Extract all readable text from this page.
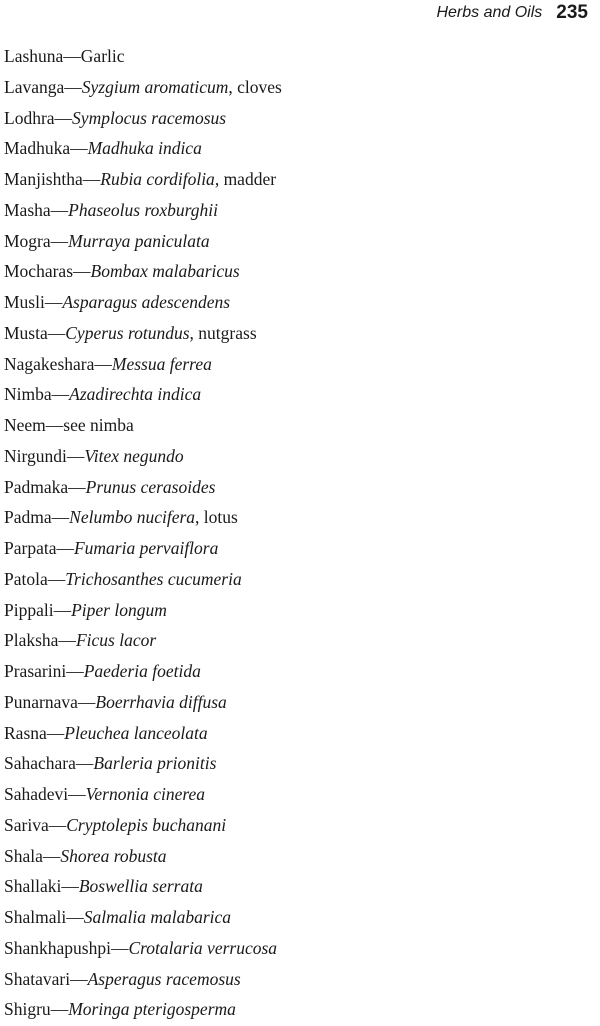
Herbs and Oils 235
Lashuna—Garlic
Lavanga—Syzgium aromaticum, cloves
Lodhra—Symplocus racemosus
Madhuka—Madhuka indica
Manjishtha—Rubia cordifolia, madder
Masha—Phaseolus roxburghii
Mogra—Murraya paniculata
Mocharas—Bombax malabaricus
Musli—Asparagus adescendens
Musta—Cyperus rotundus, nutgrass
Nagakeshara—Messua ferrea
Nimba—Azadirechta indica
Neem—see nimba
Nirgundi—Vitex negundo
Padmaka—Prunus cerasoides
Padma—Nelumbo nucifera, lotus
Parpata—Fumaria pervaiflora
Patola—Trichosanthes cucumeria
Pippali—Piper longum
Plaksha—Ficus lacor
Prasarini—Paederia foetida
Punarnava—Boerrhavia diffusa
Rasna—Pleuchea lanceolata
Sahachara—Barleria prionitis
Sahadevi—Vernonia cinerea
Sariva—Cryptolepis buchanani
Shala—Shorea robusta
Shallaki—Boswellia serrata
Shalmali—Salmalia malabarica
Shankhapushpi—Crotalaria verrucosa
Shatavari—Asperagus racemosus
Shigru—Moringa pterigosperma
